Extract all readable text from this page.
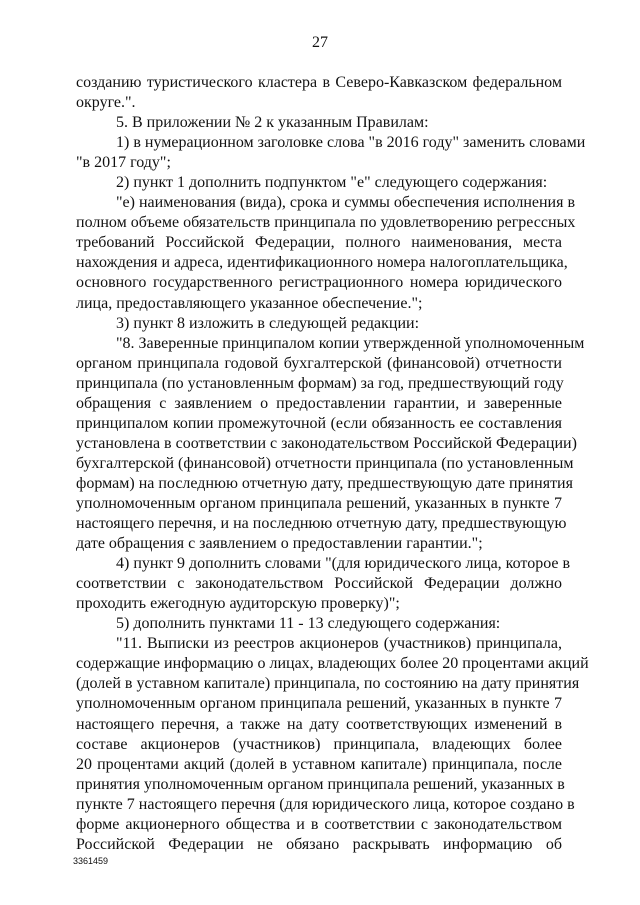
27
созданию туристического кластера в Северо-Кавказском федеральном
округе.".
5. В приложении № 2 к указанным Правилам:
1) в нумерационном заголовке слова "в 2016 году" заменить словами
"в 2017 году";
2) пункт 1 дополнить подпунктом "е" следующего содержания:
"е) наименования (вида), срока и суммы обеспечения исполнения в
полном объеме обязательств принципала по удовлетворению регрессных
требований Российской Федерации, полного наименования, места
нахождения и адреса, идентификационного номера налогоплательщика,
основного государственного регистрационного номера юридического
лица, предоставляющего указанное обеспечение.";
3) пункт 8 изложить в следующей редакции:
"8. Заверенные принципалом копии утвержденной уполномоченным
органом принципала годовой бухгалтерской (финансовой) отчетности
принципала (по установленным формам) за год, предшествующий году
обращения с заявлением о предоставлении гарантии, и заверенные
принципалом копии промежуточной (если обязанность ее составления
установлена в соответствии с законодательством Российской Федерации)
бухгалтерской (финансовой) отчетности принципала (по установленным
формам) на последнюю отчетную дату, предшествующую дате принятия
уполномоченным органом принципала решений, указанных в пункте 7
настоящего перечня, и на последнюю отчетную дату, предшествующую
дате обращения с заявлением о предоставлении гарантии.";
4) пункт 9 дополнить словами "(для юридического лица, которое в
соответствии с законодательством Российской Федерации должно
проходить ежегодную аудиторскую проверку)";
5) дополнить пунктами 11 - 13 следующего содержания:
"11. Выписки из реестров акционеров (участников) принципала,
содержащие информацию о лицах, владеющих более 20 процентами акций
(долей в уставном капитале) принципала, по состоянию на дату принятия
уполномоченным органом принципала решений, указанных в пункте 7
настоящего перечня, а также на дату соответствующих изменений в
составе акционеров (участников) принципала, владеющих более
20 процентами акций (долей в уставном капитале) принципала, после
принятия уполномоченным органом принципала решений, указанных в
пункте 7 настоящего перечня (для юридического лица, которое создано в
форме акционерного общества и в соответствии с законодательством
Российской Федерации не обязано раскрывать информацию об
3361459
